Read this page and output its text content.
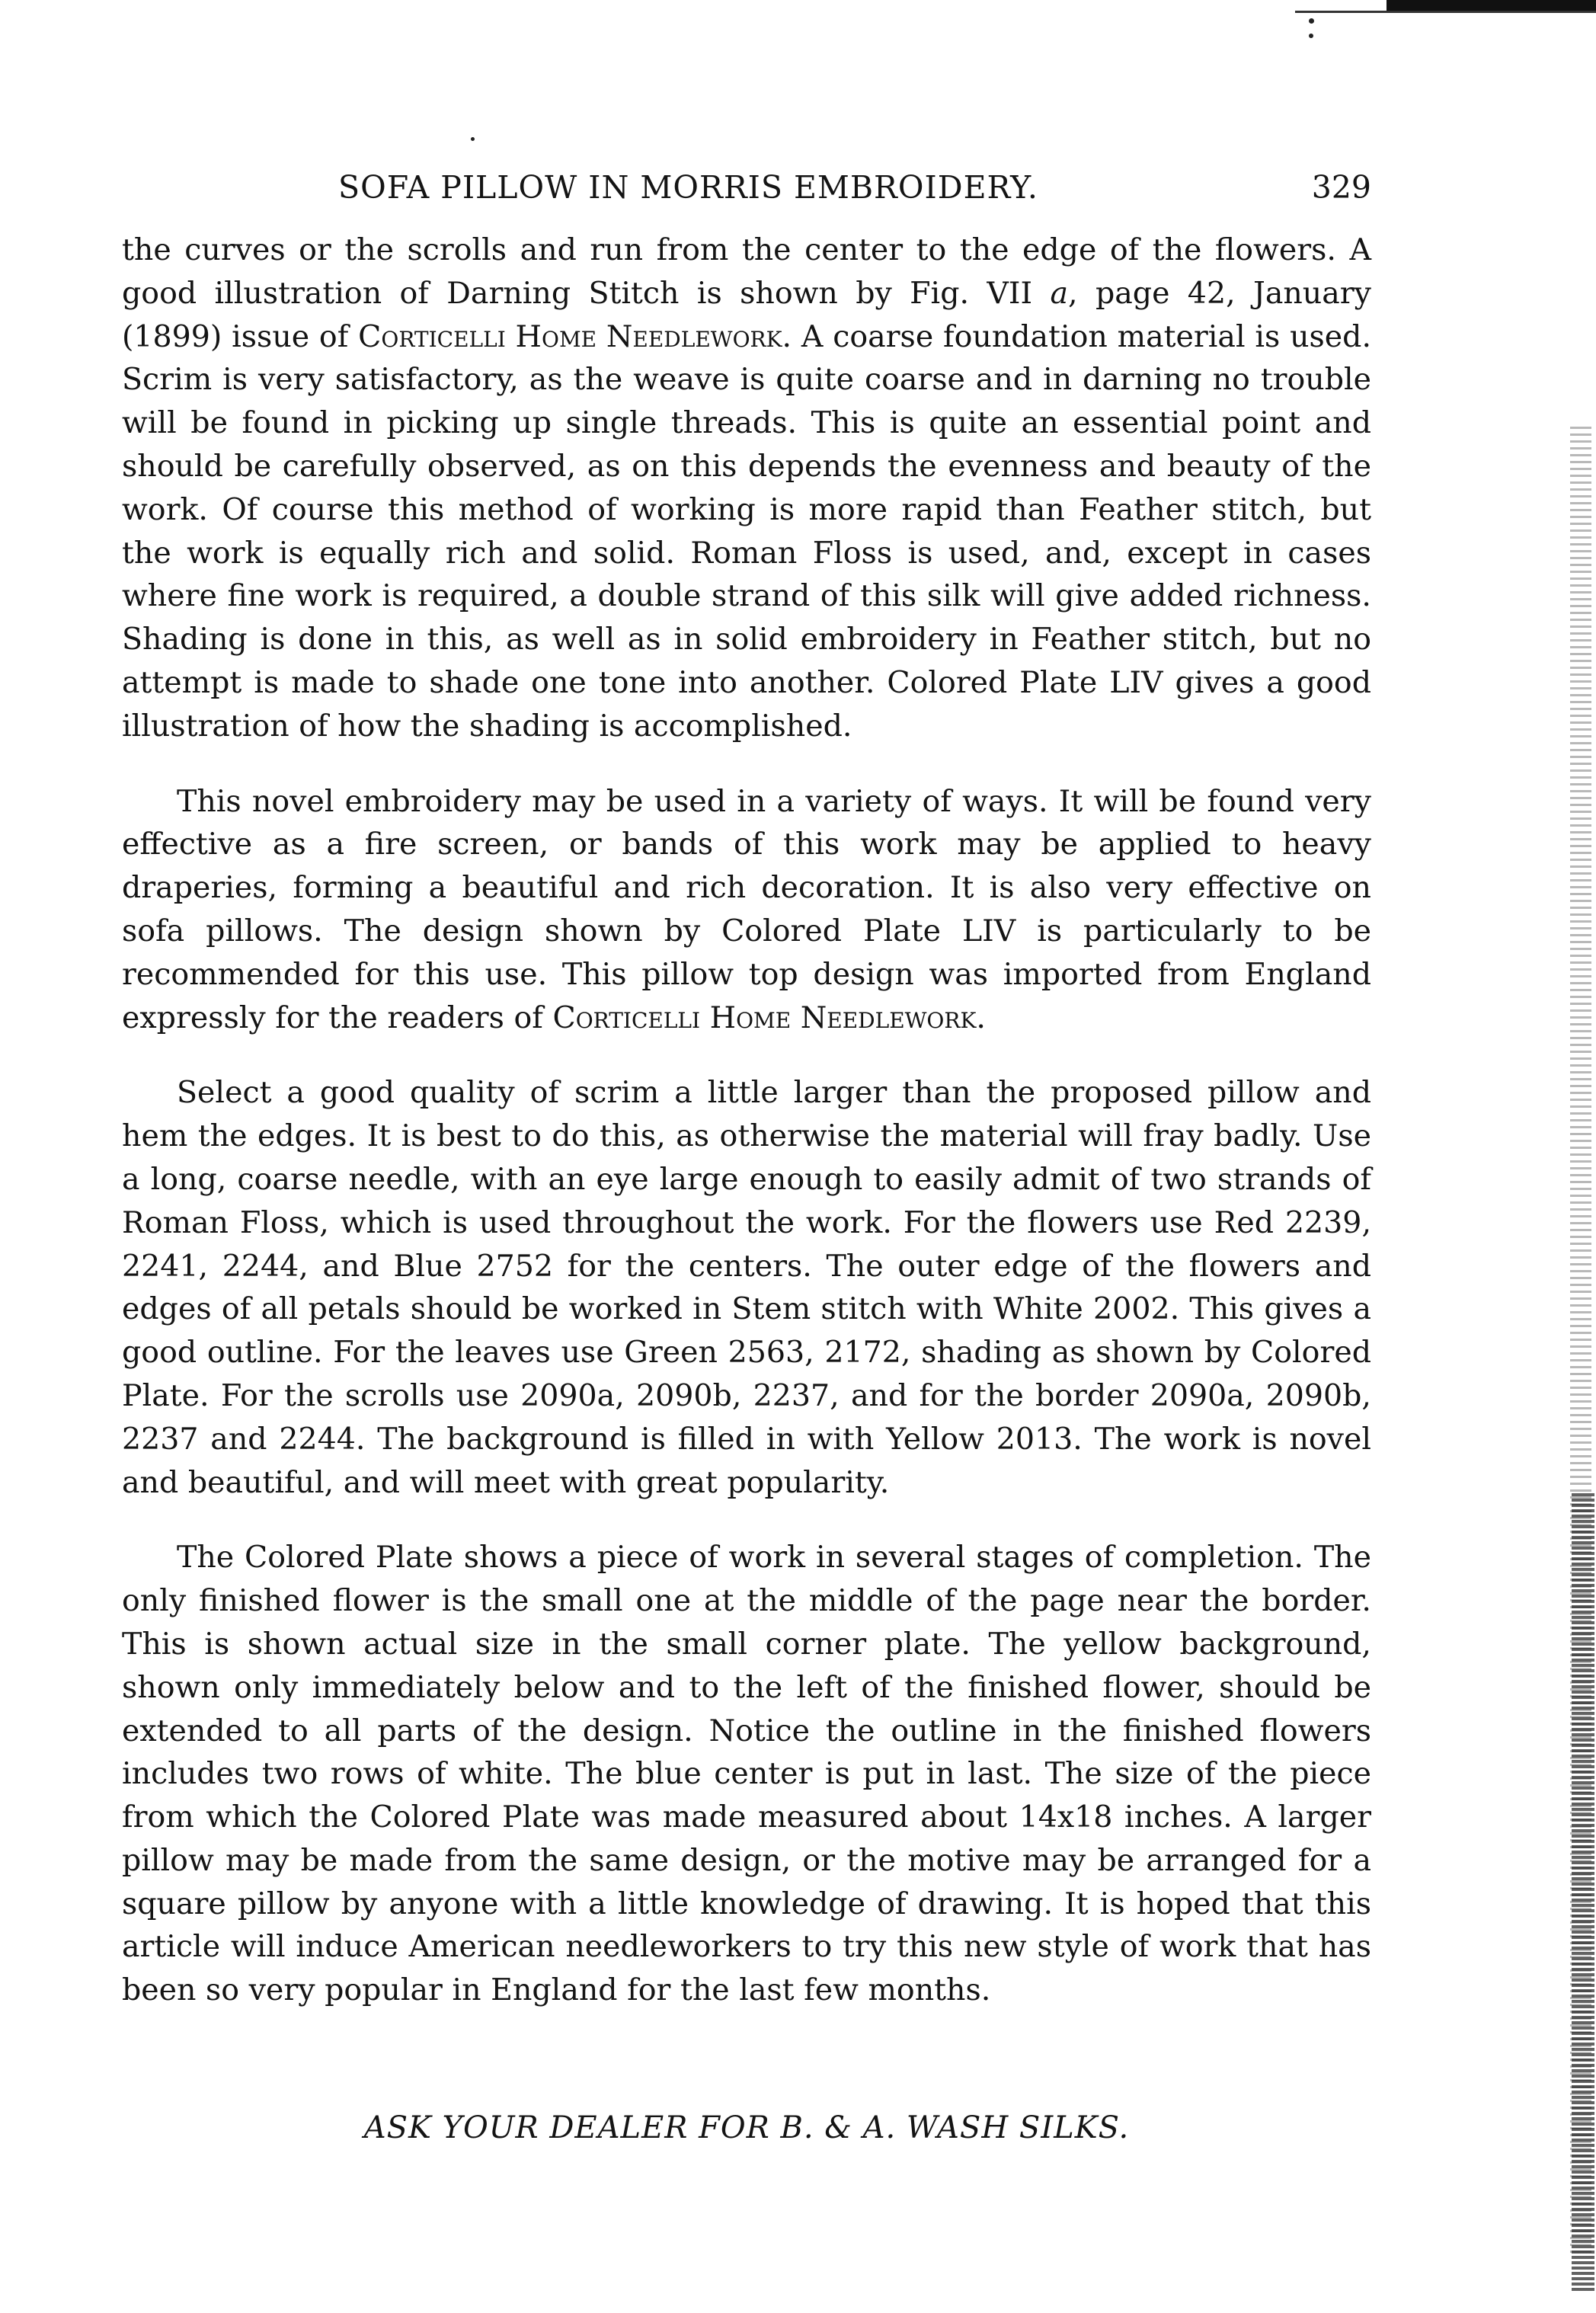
SOFA PILLOW IN MORRIS EMBROIDERY.	329

the curves or the scrolls and run from the center to the edge of the flowers. A good illustration of Darning Stitch is shown by Fig. VII a, page 42, January (1899) issue of Corticelli Home Needlework. A coarse foundation material is used. Scrim is very satisfactory, as the weave is quite coarse and in darning no trouble will be found in picking up single threads. This is quite an essential point and should be carefully observed, as on this depends the evenness and beauty of the work. Of course this method of working is more rapid than Feather stitch, but the work is equally rich and solid. Roman Floss is used, and, except in cases where fine work is required, a double strand of this silk will give added richness. Shading is done in this, as well as in solid embroidery in Feather stitch, but no attempt is made to shade one tone into another. Colored Plate LIV gives a good illustration of how the shading is accomplished.

This novel embroidery may be used in a variety of ways. It will be found very effective as a fire screen, or bands of this work may be applied to heavy draperies, forming a beautiful and rich decoration. It is also very effective on sofa pillows. The design shown by Colored Plate LIV is particularly to be recommended for this use. This pillow top design was imported from England expressly for the readers of Corticelli Home Needlework.

Select a good quality of scrim a little larger than the proposed pillow and hem the edges. It is best to do this, as otherwise the material will fray badly. Use a long, coarse needle, with an eye large enough to easily admit of two strands of Roman Floss, which is used throughout the work. For the flowers use Red 2239, 2241, 2244, and Blue 2752 for the centers. The outer edge of the flowers and edges of all petals should be worked in Stem stitch with White 2002. This gives a good outline. For the leaves use Green 2563, 2172, shading as shown by Colored Plate. For the scrolls use 2090a, 2090b, 2237, and for the border 2090a, 2090b, 2237 and 2244. The background is filled in with Yellow 2013. The work is novel and beautiful, and will meet with great popularity.

The Colored Plate shows a piece of work in several stages of completion. The only finished flower is the small one at the middle of the page near the border. This is shown actual size in the small corner plate. The yellow background, shown only immediately below and to the left of the finished flower, should be extended to all parts of the design. Notice the outline in the finished flowers includes two rows of white. The blue center is put in last. The size of the piece from which the Colored Plate was made measured about 14x18 inches. A larger pillow may be made from the same design, or the motive may be arranged for a square pillow by anyone with a little knowledge of drawing. It is hoped that this article will induce American needleworkers to try this new style of work that has been so very popular in England for the last few months.

ASK YOUR DEALER FOR B. & A. WASH SILKS.
